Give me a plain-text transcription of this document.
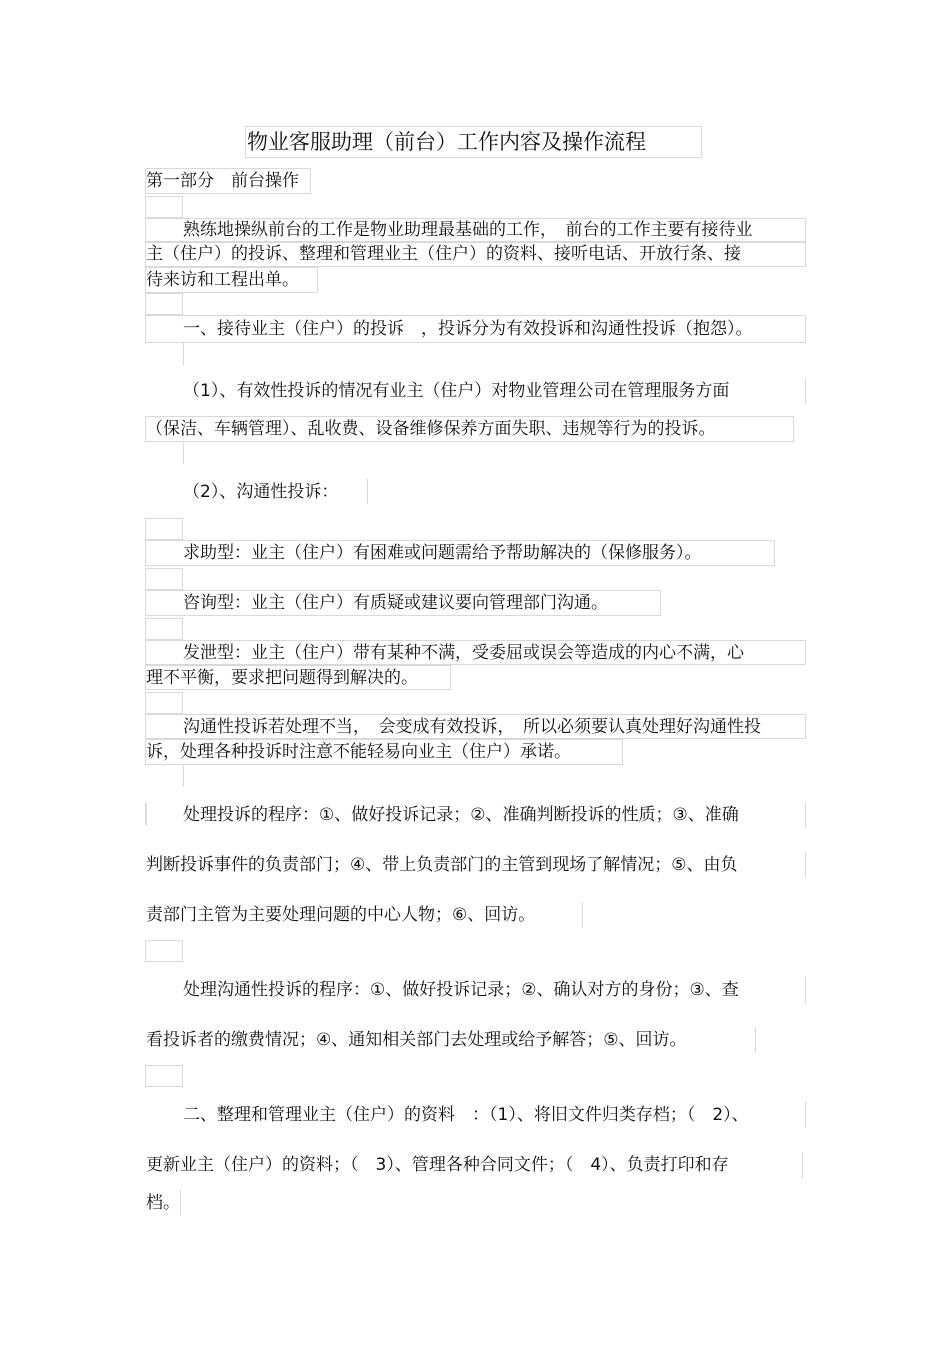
物业客服助理（前台）工作内容及操作流程
第一部分　前台操作
熟练地操纵前台的工作是物业助理最基础的工作，　前台的工作主要有接待业
主（住户）的投诉、整理和管理业主（住户）的资料、接听电话、开放行条、接
待来访和工程出单。
一、接待业主（住户）的投诉　，投诉分为有效投诉和沟通性投诉（抱怨）。
（1）、有效性投诉的情况有业主（住户）对物业管理公司在管理服务方面
（保洁、车辆管理）、乱收费、设备维修保养方面失职、违规等行为的投诉。
（2）、沟通性投诉：
求助型：业主（住户）有困难或问题需给予帮助解决的（保修服务）。
咨询型：业主（住户）有质疑或建议要向管理部门沟通。
发泄型：业主（住户）带有某种不满，受委屈或误会等造成的内心不满，心
理不平衡，要求把问题得到解决的。
沟通性投诉若处理不当，　会变成有效投诉，　所以必须要认真处理好沟通性投
诉，处理各种投诉时注意不能轻易向业主（住户）承诺。
处理投诉的程序：①、做好投诉记录；②、准确判断投诉的性质；③、准确
判断投诉事件的负责部门；④、带上负责部门的主管到现场了解情况；⑤、由负
责部门主管为主要处理问题的中心人物；⑥、回访。
处理沟通性投诉的程序：①、做好投诉记录；②、确认对方的身份；③、查
看投诉者的缴费情况；④、通知相关部门去处理或给予解答；⑤、回访。
二、整理和管理业主（住户）的资料　：（1）、将旧文件归类存档；（　2）、
更新业主（住户）的资料；（　3）、管理各种合同文件；（　4）、负责打印和存
档。
